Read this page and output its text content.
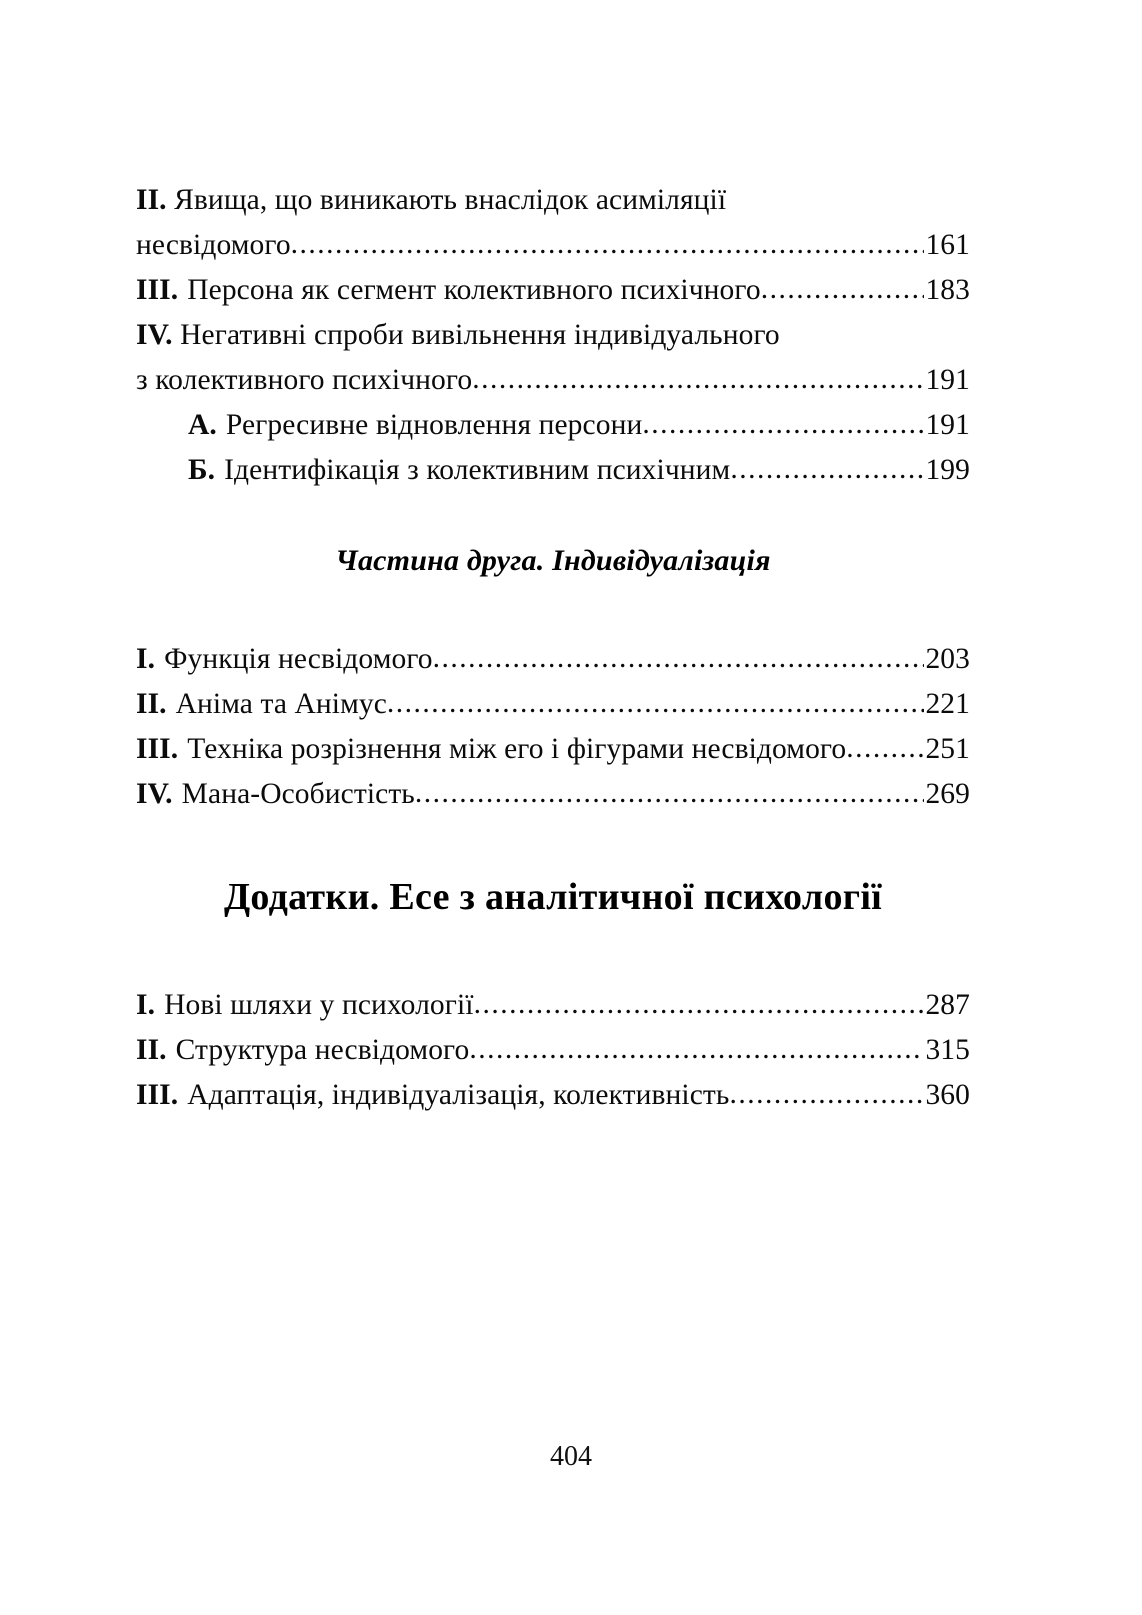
II. Явища, що виникають внаслідок асиміляції
несвідомого .....	161
III. Персона як сегмент колективного психічного .....	183
IV. Негативні спроби вивільнення індивідуального
з колективного психічного .....	191
А. Регресивне відновлення персони .....	191
Б. Ідентифікація з колективним психічним .....	199
Частина друга. Індивідуалізація
I. Функція несвідомого .....	203
II. Аніма та Анімус .....	221
III. Техніка розрізнення між его і фігурами несвідомого .....	251
IV. Мана-Особистість .....	269
Додатки. Есе з аналітичної психології
I. Нові шляхи у психології .....	287
II. Структура несвідомого .....	315
III. Адаптація, індивідуалізація, колективність .....	360
404
